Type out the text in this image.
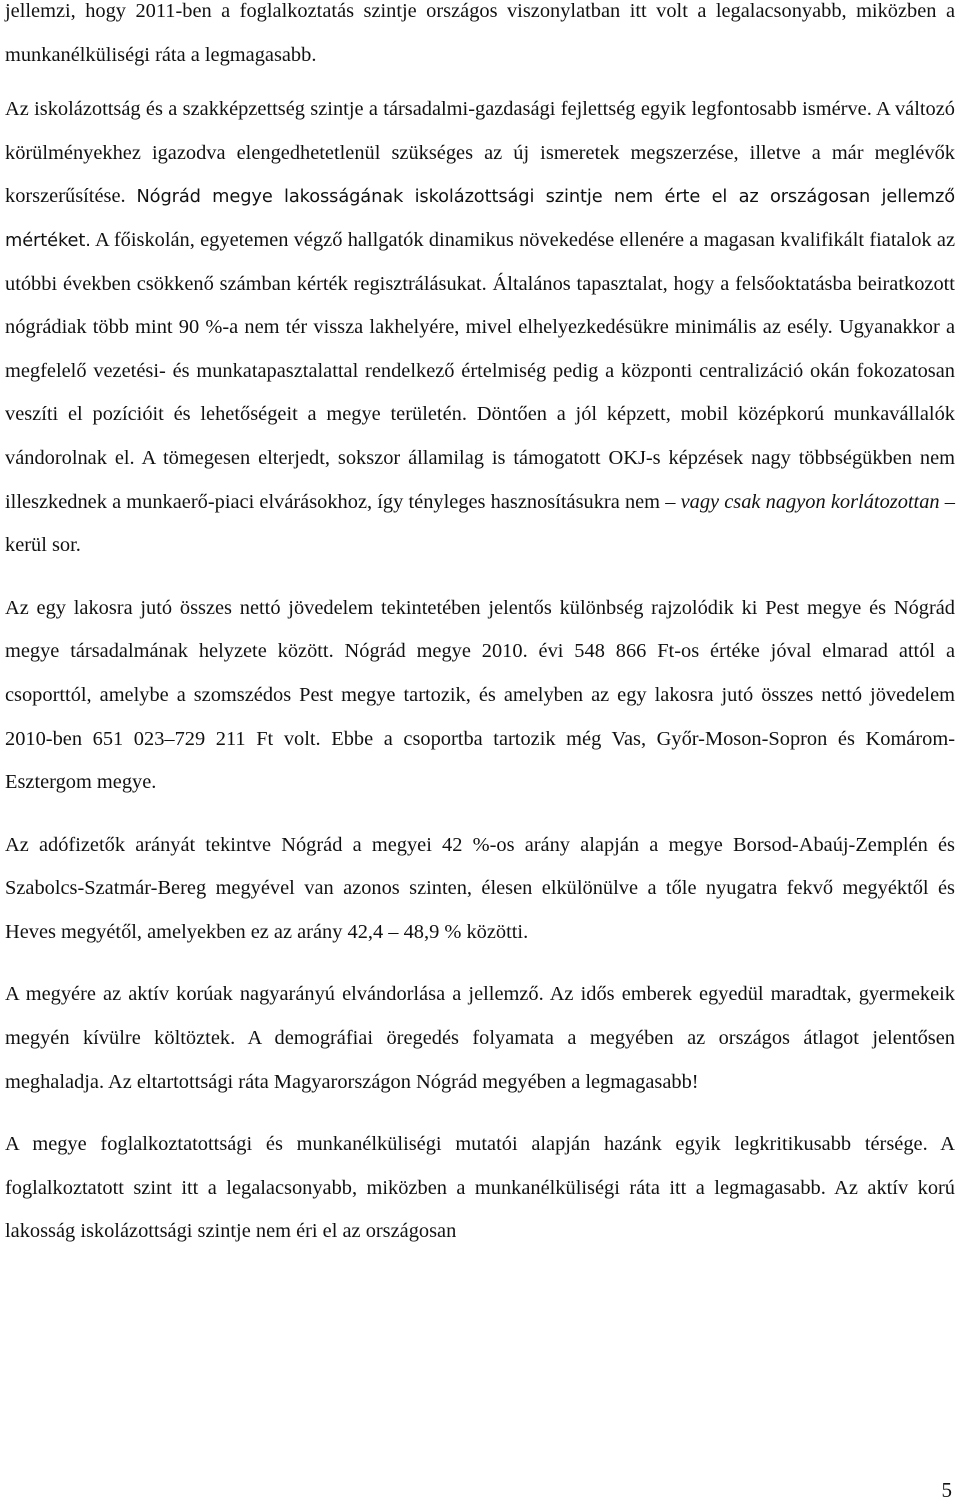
jellemzi, hogy 2011-ben a foglalkoztatás szintje országos viszonylatban itt volt a legalacsonyabb, miközben a munkanélküliségi ráta a legmagasabb.

Az iskolázottság és a szakképzettség szintje a társadalmi-gazdasági fejlettség egyik legfontosabb ismérve. A változó körülményekhez igazodva elengedhetetlenül szükséges az új ismeretek megszerzése, illetve a már meglévők korszerűsítése. Nógrád megye lakosságának iskolázottsági szintje nem érte el az országosan jellemző mértéket. A főiskolán, egyetemen végző hallgatók dinamikus növekedése ellenére a magasan kvalifikált fiatalok az utóbbi években csökkenő számban kérték regisztrálásukat. Általános tapasztalat, hogy a felsőoktatásba beiratkozott nógrádiak több mint 90 %-a nem tér vissza lakhelyére, mivel elhelyezkedésükre minimális az esély. Ugyanakkor a megfelelő vezetési- és munkatapasztalattal rendelkező értelmiség pedig a központi centralizáció okán fokozatosan veszíti el pozícióit és lehetőségeit a megye területén. Döntően a jól képzett, mobil középkorú munkavállalók vándorolnak el. A tömegesen elterjedt, sokszor államilag is támogatott OKJ-s képzések nagy többségükben nem illeszkednek a munkaerő-piaci elvárásokhoz, így tényleges hasznosításukra nem – vagy csak nagyon korlátozottan – kerül sor.

Az egy lakosra jutó összes nettó jövedelem tekintetében jelentős különbség rajzolódik ki Pest megye és Nógrád megye társadalmának helyzete között. Nógrád megye 2010. évi 548 866 Ft-os értéke jóval elmarad attól a csoporttól, amelybe a szomszédos Pest megye tartozik, és amelyben az egy lakosra jutó összes nettó jövedelem 2010-ben 651 023–729 211 Ft volt. Ebbe a csoportba tartozik még Vas, Győr-Moson-Sopron és Komárom-Esztergom megye.

Az adófizetők arányát tekintve Nógrád a megyei 42 %-os arány alapján a megye Borsod-Abaúj-Zemplén és Szabolcs-Szatmár-Bereg megyével van azonos szinten, élesen elkülönülve a tőle nyugatra fekvő megyéktől és Heves megyétől, amelyekben ez az arány 42,4 – 48,9 % közötti.

A megyére az aktív korúak nagyarányú elvándorlása a jellemző. Az idős emberek egyedül maradtak, gyermekeik megyén kívülre költöztek. A demográfiai öregedés folyamata a megyében az országos átlagot jelentősen meghaladja. Az eltartottsági ráta Magyarországon Nógrád megyében a legmagasabb!

A megye foglalkoztatottsági és munkanélküliségi mutatói alapján hazánk egyik legkritikusabb térsége. A foglalkoztatott szint itt a legalacsonyabb, miközben a munkanélküliségi ráta itt a legmagasabb. Az aktív korú lakosság iskolázottsági szintje nem éri el az országosan

5
